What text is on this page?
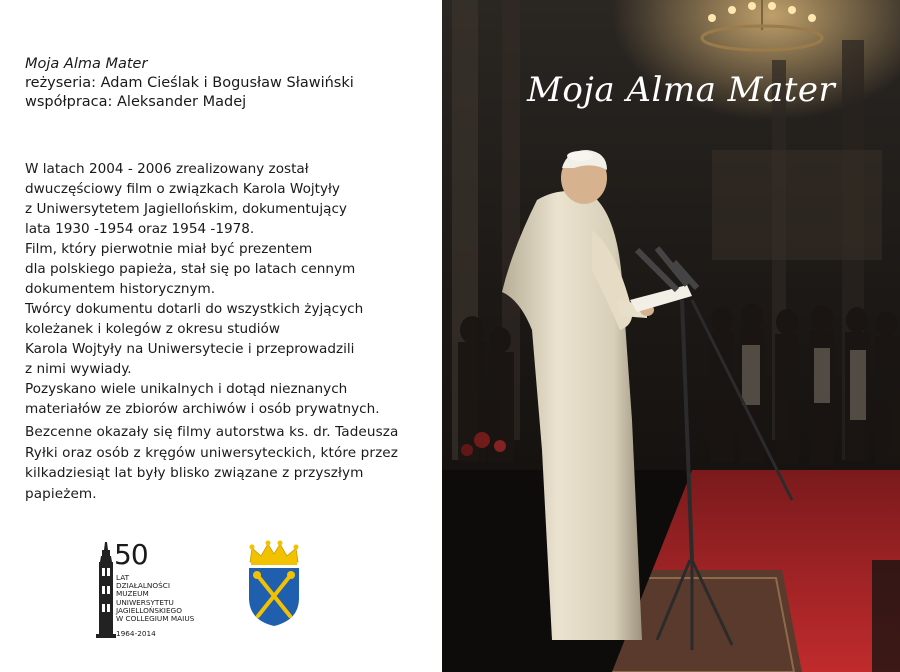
Moja Alma Mater
reżyseria: Adam Cieślak i Bogusław Sławiński
współpraca: Aleksander Madej
W latach 2004 - 2006 zrealizowany został
dwuczęściowy film o związkach Karola Wojtyły
z Uniwersytetem Jagiellońskim, dokumentujący
lata 1930 -1954 oraz 1954 -1978.
Film, który pierwotnie miał być prezentem
dla polskiego papieża, stał się po latach cennym
dokumentem historycznym.
Twórcy dokumentu dotarli do wszystkich żyjących
koleżanek i kolegów z okresu studiów
Karola Wojtyły na Uniwersytecie i przeprowadzili
z nimi wywiady.
Pozyskano wiele unikalnych i dotąd nieznanych
materiałów ze zbiorów archiwów i osób prywatnych.
Bezcenne okazały się filmy autorstwa ks. dr. Tadeusza
Ryłki oraz osób z kręgów uniwersyteckich, które przez
kilkadziesiąt lat były blisko związane z przyszłym
papieżem.
50
LAT
DZIAŁALNOŚCI
MUZEUM
UNIWERSYTETU
JAGIELLOŃSKIEGO
W COLLEGIUM MAIUS
1964-2014
Moja Alma Mater
